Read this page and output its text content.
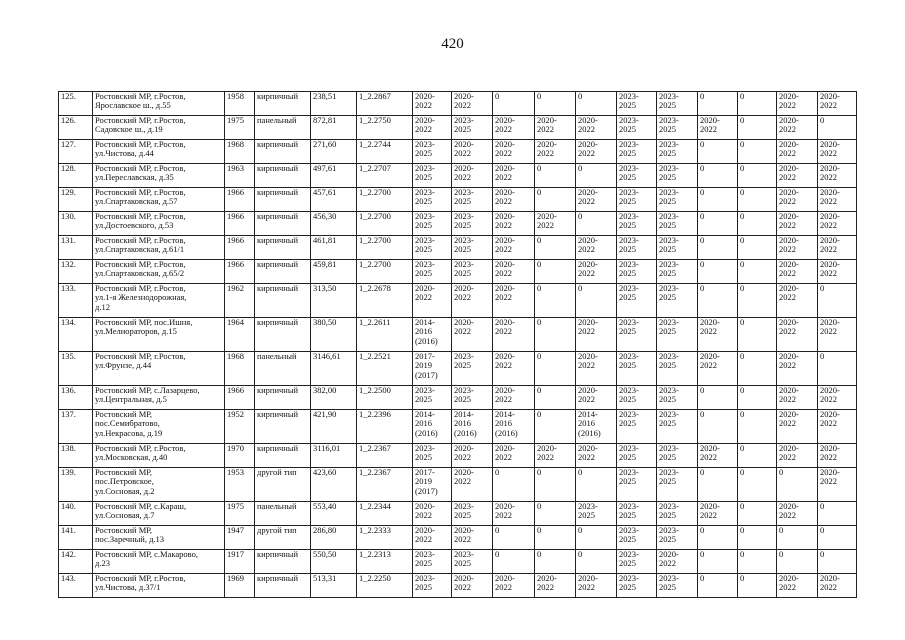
420
125.	Ростовский МР, г.Ростов,
Ярославское ш., д.55	1958	кирпичный	238,51	1_2.2867	2020-
2022	2020-
2022	0	0	0	2023-
2025	2023-
2025	0	0	2020-
2022	2020-
2022
126.	Ростовский МР, г.Ростов,
Садовское ш., д.19	1975	панельный	872,81	1_2.2750	2020-
2022	2023-
2025	2020-
2022	2020-
2022	2020-
2022	2023-
2025	2023-
2025	2020-
2022	0	2020-
2022	0
127.	Ростовский МР, г.Ростов,
ул.Чистова, д.44	1968	кирпичный	271,60	1_2.2744	2023-
2025	2020-
2022	2020-
2022	2020-
2022	2020-
2022	2023-
2025	2023-
2025	0	0	2020-
2022	2020-
2022
128.	Ростовский МР, г.Ростов,
ул.Переславская, д.35	1963	кирпичный	497,61	1_2.2707	2023-
2025	2020-
2022	2020-
2022	0	0	2023-
2025	2023-
2025	0	0	2020-
2022	2020-
2022
129.	Ростовский МР, г.Ростов,
ул.Спартаковская, д.57	1966	кирпичный	457,61	1_2.2700	2023-
2025	2023-
2025	2020-
2022	0	2020-
2022	2023-
2025	2023-
2025	0	0	2020-
2022	2020-
2022
130.	Ростовский МР, г.Ростов,
ул.Достоевского, д.53	1966	кирпичный	456,30	1_2.2700	2023-
2025	2023-
2025	2020-
2022	2020-
2022	0	2023-
2025	2023-
2025	0	0	2020-
2022	2020-
2022
131.	Ростовский МР, г.Ростов,
ул.Спартаковская, д.61/1	1966	кирпичный	461,81	1_2.2700	2023-
2025	2023-
2025	2020-
2022	0	2020-
2022	2023-
2025	2023-
2025	0	0	2020-
2022	2020-
2022
132.	Ростовский МР, г.Ростов,
ул.Спартаковская, д.65/2	1966	кирпичный	459,81	1_2.2700	2023-
2025	2023-
2025	2020-
2022	0	2020-
2022	2023-
2025	2023-
2025	0	0	2020-
2022	2020-
2022
133.	Ростовский МР, г.Ростов,
ул.1-я Железнодорожная,
д.12	1962	кирпичный	313,50	1_2.2678	2020-
2022	2020-
2022	2020-
2022	0	0	2023-
2025	2023-
2025	0	0	2020-
2022	0
134.	Ростовский МР, пос.Ишня,
ул.Мелиораторов, д.15	1964	кирпичный	380,50	1_2.2611	2014-
2016
(2016)	2020-
2022	2020-
2022	0	2020-
2022	2023-
2025	2023-
2025	2020-
2022	0	2020-
2022	2020-
2022
135.	Ростовский МР, г.Ростов,
ул.Фрунзе, д.44	1968	панельный	3146,61	1_2.2521	2017-
2019
(2017)	2023-
2025	2020-
2022	0	2020-
2022	2023-
2025	2023-
2025	2020-
2022	0	2020-
2022	0
136.	Ростовский МР, с.Лазарцево,
ул.Центральная, д.5	1966	кирпичный	382,00	1_2.2500	2023-
2025	2023-
2025	2020-
2022	0	2020-
2022	2023-
2025	2023-
2025	0	0	2020-
2022	2020-
2022
137.	Ростовский МР,
пос.Семибратово,
ул.Некрасова, д.19	1952	кирпичный	421,90	1_2.2396	2014-
2016
(2016)	2014-
2016
(2016)	2014-
2016
(2016)	0	2014-
2016
(2016)	2023-
2025	2023-
2025	0	0	2020-
2022	2020-
2022
138.	Ростовский МР, г.Ростов,
ул.Московская, д.40	1970	кирпичный	3116,01	1_2.2367	2023-
2025	2020-
2022	2020-
2022	2020-
2022	2020-
2022	2023-
2025	2023-
2025	2020-
2022	0	2020-
2022	2020-
2022
139.	Ростовский МР,
пос.Петровское,
ул.Сосновая, д.2	1953	другой тип	423,60	1_2.2367	2017-
2019
(2017)	2020-
2022	0	0	0	2023-
2025	2023-
2025	0	0	0	2020-
2022
140.	Ростовский МР, с.Караш,
ул.Сосновая, д.7	1975	панельный	553,40	1_2.2344	2020-
2022	2023-
2025	2020-
2022	0	2023-
2025	2023-
2025	2023-
2025	2020-
2022	0	2020-
2022	0
141.	Ростовский МР,
пос.Заречный, д.13	1947	другой тип	286,80	1_2.2333	2020-
2022	2020-
2022	0	0	0	2023-
2025	2023-
2025	0	0	0	0
142.	Ростовский МР, с.Макарово,
д.23	1917	кирпичный	550,50	1_2.2313	2023-
2025	2023-
2025	0	0	0	2023-
2025	2020-
2022	0	0	0	0
143.	Ростовский МР, г.Ростов,
ул.Чистова, д.37/1	1969	кирпичный	513,31	1_2.2250	2023-
2025	2020-
2022	2020-
2022	2020-
2022	2020-
2022	2023-
2025	2023-
2025	0	0	2020-
2022	2020-
2022
